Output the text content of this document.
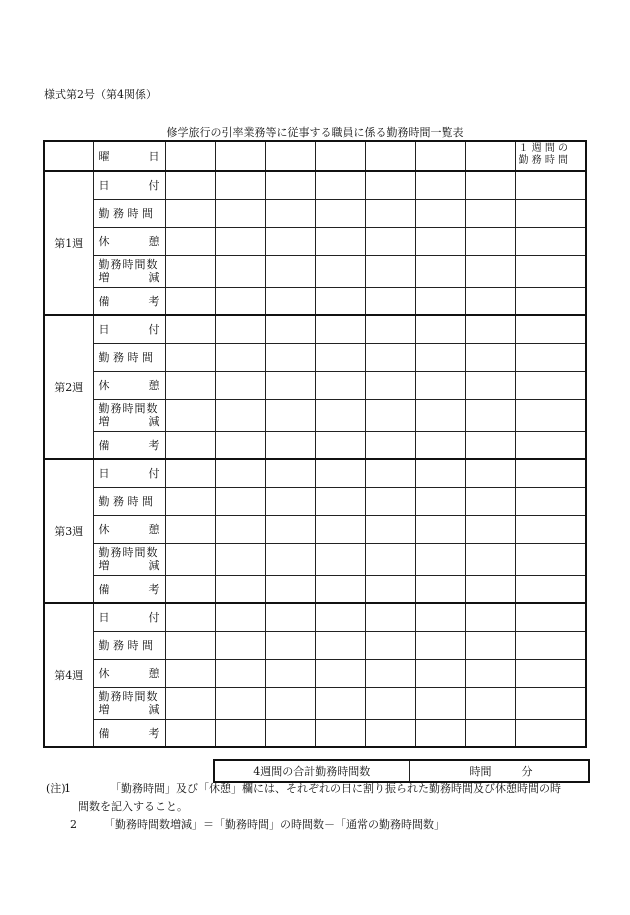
様式第2号（第4関係）
修学旅行の引率業務等に従事する職員に係る勤務時間一覧表

	曜 日								１ 週 間 の
勤 務 時 間

第1週	日 付								

	勤 務 時 間								

	休 憩								

	勤務時間数
増 減								

	備 考								

第2週	日 付								

	勤 務 時 間								

	休 憩								

	勤務時間数
増 減								

	備 考								

第3週	日 付								

	勤 務 時 間								

	休 憩								

	勤務時間数
増 減								

	備 考								

第4週	日 付								

	勤 務 時 間								

	休 憩								

	勤務時間数
増 減								

	備 考								

4週間の合計勤務時間数	時間	分
(注)
1	「勤務時間」及び「休憩」欄には、それぞれの日に割り振られた勤務時間及び休憩時間の時
間数を記入すること。
2	「勤務時間数増減」＝「勤務時間」の時間数－「通常の勤務時間数」
